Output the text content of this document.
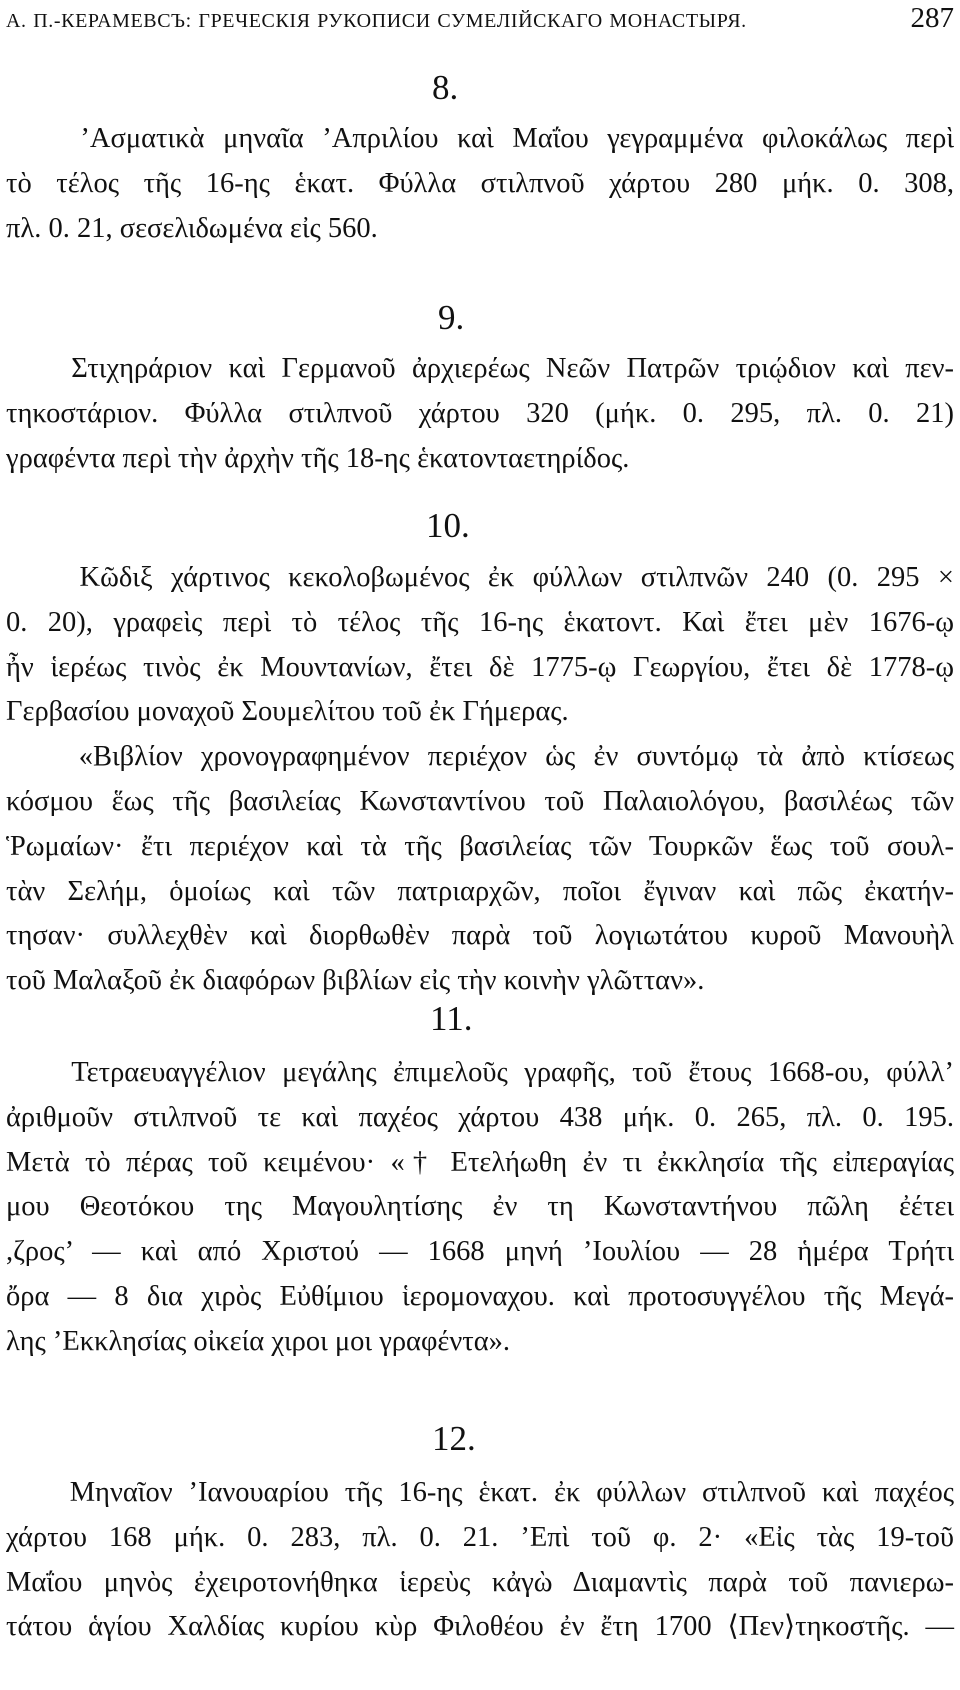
А. П.-КЕРАМЕВСЪ: ГРЕЧЕСКІЯ РУКОПИСИ СУМЕЛІЙСКАГО МОНАСТЫРЯ.	287
8.
’Ασματικὰ μηναῖα ’Απριλίου καὶ Μαΐου γεγραμμένα φιλοκάλως περὶ
τὸ τέλος τῆς 16-ης ἑκατ. Φύλλα στιλπνοῦ χάρτου 280 μήκ. 0. 308,
πλ. 0. 21, σεσελιδωμένα εἰς 560.
9.
Στιχηράριον καὶ Γερμανοῦ ἀρχιερέως Νεῶν Πατρῶν τριῴδιον καὶ πεν-
τηκοστάριον. Φύλλα στιλπνοῦ χάρτου 320 (μήκ. 0. 295, πλ. 0. 21)
γραφέντα περὶ τὴν ἀρχὴν τῆς 18-ης ἑκατονταετηρίδος.
10.
Κῶδιξ χάρτινος κεκολοβωμένος ἐκ φύλλων στιλπνῶν 240 (0. 295 ×
0. 20), γραφεὶς περὶ τὸ τέλος τῆς 16-ης ἑκατοντ. Καὶ ἔτει μὲν 1676-ῳ
ἦν ἱερέως τινὸς ἐκ Μουντανίων, ἔτει δὲ 1775-ῳ Γεωργίου, ἔτει δὲ 1778-ῳ
Γερβασίου μοναχοῦ Σουμελίτου τοῦ ἐκ Γήμερας.
«Βιβλίον χρονογραφημένον περιέχον ὡς ἐν συντόμῳ τὰ ἀπὸ κτίσεως
κόσμου ἕως τῆς βασιλείας Κωνσταντίνου τοῦ Παλαιολόγου, βασιλέως τῶν
Ῥωμαίων· ἔτι περιέχον καὶ τὰ τῆς βασιλείας τῶν Τουρκῶν ἕως τοῦ σουλ-
τὰν Σελήμ, ὁμοίως καὶ τῶν πατριαρχῶν, ποῖοι ἔγιναν καὶ πῶς ἐκατήν-
τησαν· συλλεχθὲν καὶ διορθωθὲν παρὰ τοῦ λογιωτάτου κυροῦ Μανουὴλ
τοῦ Μαλαξοῦ ἐκ διαφόρων βιβλίων εἰς τὴν κοινὴν γλῶτταν».
11.
Τετραευαγγέλιον μεγάλης ἐπιμελοῦς γραφῆς, τοῦ ἔτους 1668-ου, φύλλ’
ἀριθμοῦν στιλπνοῦ τε καὶ παχέος χάρτου 438 μήκ. 0. 265, πλ. 0. 195.
Μετὰ τὸ πέρας τοῦ κειμένου· «† Ετελήωθη ἐν τι ἐκκλησία τῆς εἰπεραγίας
μου Θεοτόκου της Μαγουλητίσης ἐν τη Κωνσταντήνου πῶλη ἐέτει
,ζρος’ — καὶ από Χριστού — 1668 μηνή ’Ιουλίου — 28 ἡμέρα Τρήτι
ὄρα — 8 δια χιρὸς Εὐθίμιου ἱερομοναχου. καὶ προτοσυγγέλου τῆς Μεγά-
λης ’Εκκλησίας οἰκεία χιροι μοι γραφέντα».
12.
Μηναῖον ’Ιανουαρίου τῆς 16-ης ἑκατ. ἐκ φύλλων στιλπνοῦ καὶ παχέος
χάρτου 168 μήκ. 0. 283, πλ. 0. 21. ’Επὶ τοῦ φ. 2· «Εἰς τὰς 19-τοῦ
Μαΐου μηνὸς ἐχειροτονήθηκα ἱερεὺς κἀγὼ Διαμαντὶς παρὰ τοῦ πανιερω-
τάτου ἁγίου Χαλδίας κυρίου κὺρ Φιλοθέου ἐν ἔτη 1700 ⟨Πεν⟩τηκοστῆς. —
